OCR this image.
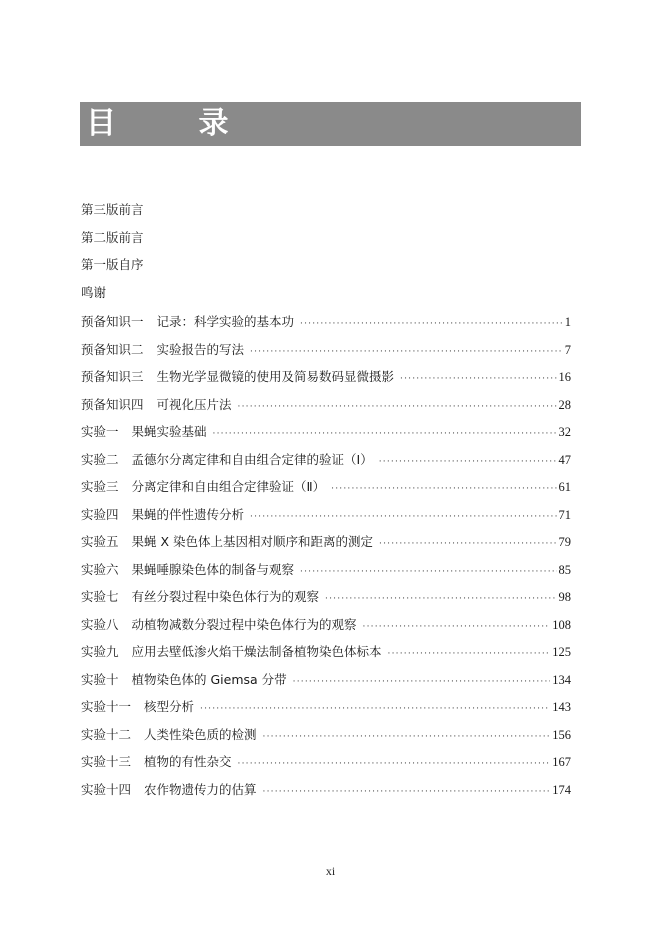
目 录
第三版前言
第二版前言
第一版自序
鸣谢
预备知识一 记录：科学实验的基本功 ·····	1
预备知识二 实验报告的写法 ·····	7
预备知识三 生物光学显微镜的使用及简易数码显微摄影 ·····	16
预备知识四 可视化压片法 ·····	28
实验一 果蝇实验基础 ·····	32
实验二 孟德尔分离定律和自由组合定律的验证（Ⅰ） ·····	47
实验三 分离定律和自由组合定律验证（Ⅱ） ·····	61
实验四 果蝇的伴性遗传分析 ·····	71
实验五 果蝇 X 染色体上基因相对顺序和距离的测定 ·····	79
实验六 果蝇唾腺染色体的制备与观察 ·····	85
实验七 有丝分裂过程中染色体行为的观察 ·····	98
实验八 动植物减数分裂过程中染色体行为的观察 ·····	108
实验九 应用去壁低渗火焰干燥法制备植物染色体标本 ·····	125
实验十 植物染色体的 Giemsa 分带 ·····	134
实验十一 核型分析 ·····	143
实验十二 人类性染色质的检测 ·····	156
实验十三 植物的有性杂交 ·····	167
实验十四 农作物遗传力的估算 ·····	174
xi
